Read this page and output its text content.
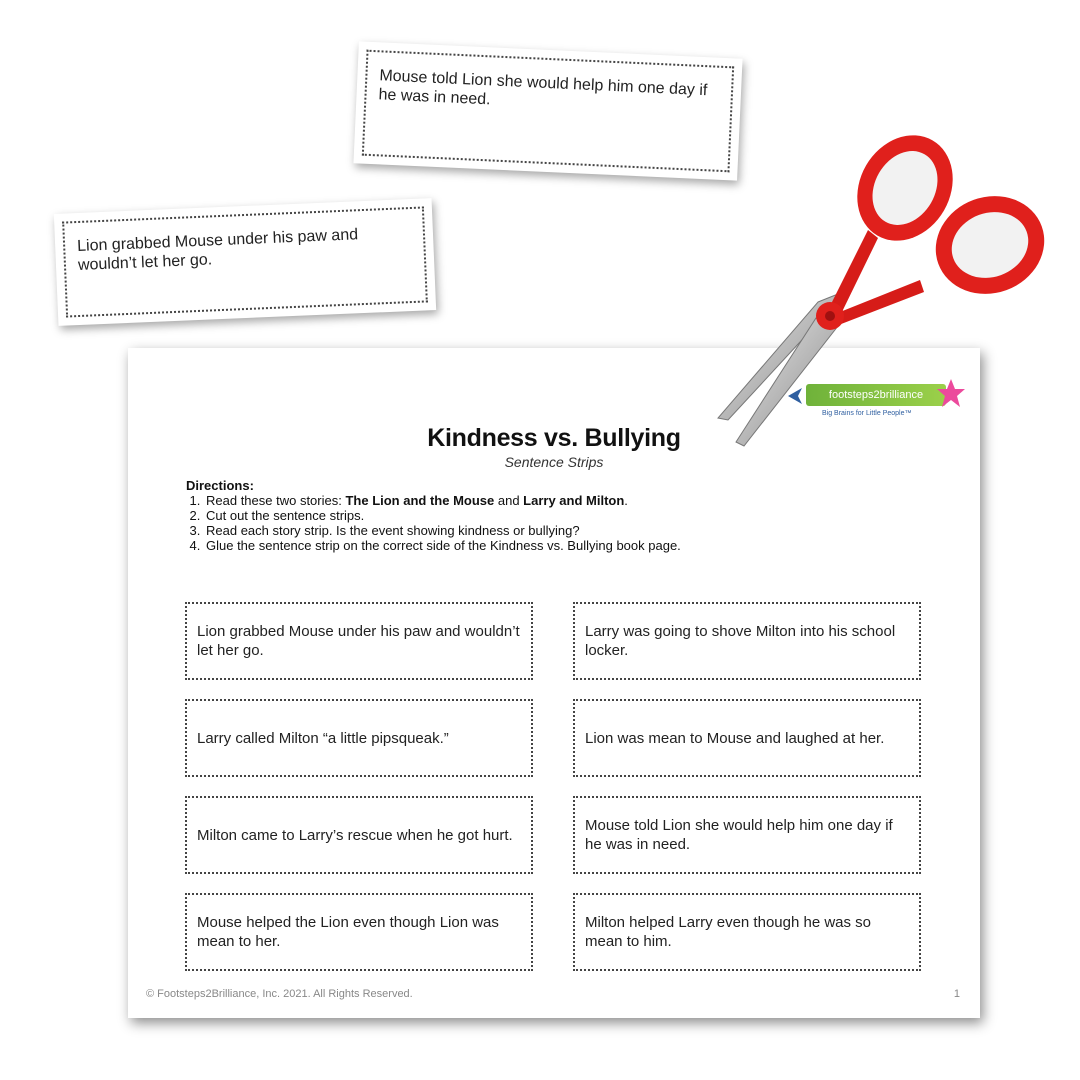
Mouse told Lion she would help him one day if he was in need.
Lion grabbed Mouse under his paw and wouldn’t let her go.
footsteps2brilliance
Big Brains for Little People™
Kindness vs. Bullying
Sentence Strips
Directions:
1. Read these two stories: The Lion and the Mouse and Larry and Milton.
2. Cut out the sentence strips.
3. Read each story strip. Is the event showing kindness or bullying?
4. Glue the sentence strip on the correct side of the Kindness vs. Bullying book page.
Lion grabbed Mouse under his paw and wouldn’t let her go.
Larry was going to shove Milton into his school locker.
Larry called Milton “a little pipsqueak.”	Lion was mean to Mouse and laughed at her.
Milton came to Larry’s rescue when he got hurt.
Mouse told Lion she would help him one day if he was in need.
Mouse helped the Lion even though Lion was mean to her.
Milton helped Larry even though he was so mean to him.
© Footsteps2Brilliance, Inc. 2021. All Rights Reserved.	1
